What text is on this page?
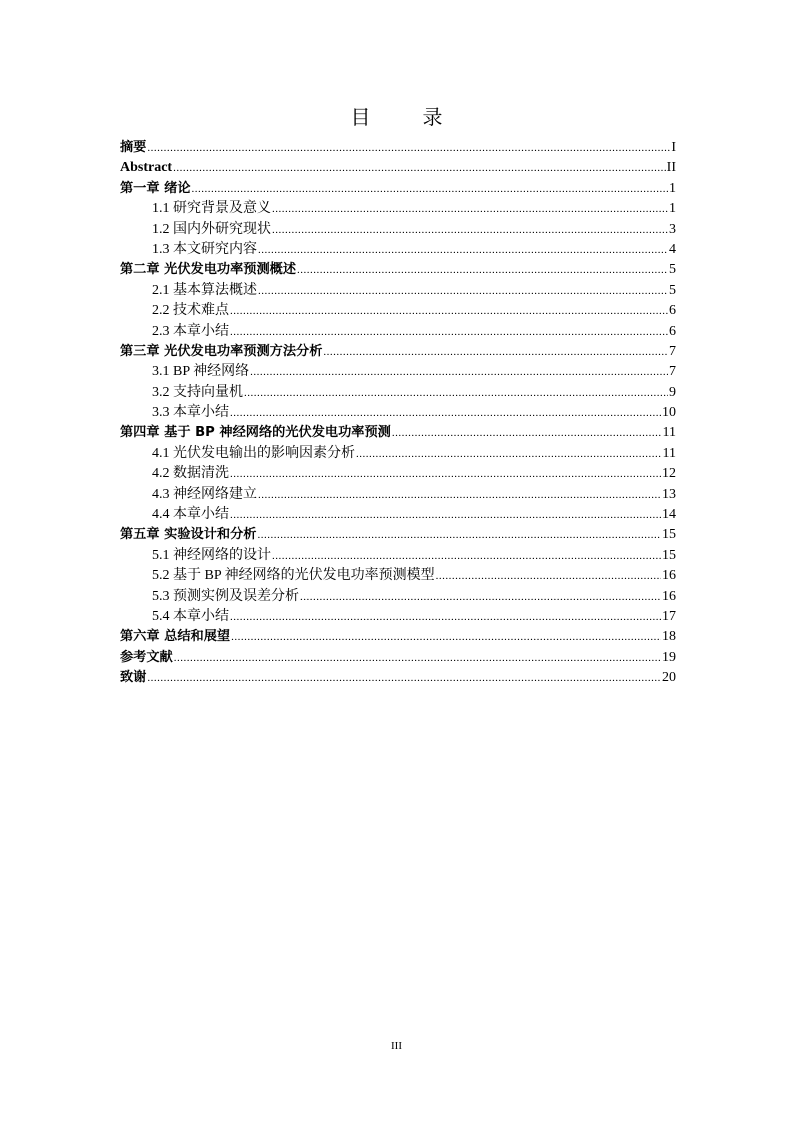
目　录
摘要 .....	I
Abstract .....	II
第一章 绪论 .....	1
1.1 研究背景及意义 .....	1
1.2 国内外研究现状 .....	3
1.3 本文研究内容 .....	4
第二章 光伏发电功率预测概述 .....	5
2.1 基本算法概述 .....	5
2.2 技术难点 .....	6
2.3 本章小结 .....	6
第三章 光伏发电功率预测方法分析 .....	7
3.1 BP 神经网络 .....	7
3.2 支持向量机 .....	9
3.3 本章小结 .....	10
第四章 基于 BP 神经网络的光伏发电功率预测 .....	11
4.1 光伏发电输出的影响因素分析 .....	11
4.2 数据清洗 .....	12
4.3 神经网络建立 .....	13
4.4 本章小结 .....	14
第五章 实验设计和分析 .....	15
5.1 神经网络的设计 .....	15
5.2 基于 BP 神经网络的光伏发电功率预测模型 .....	16
5.3 预测实例及误差分析 .....	16
5.4 本章小结 .....	17
第六章 总结和展望 .....	18
参考文献 .....	19
致谢 .....	20
III
